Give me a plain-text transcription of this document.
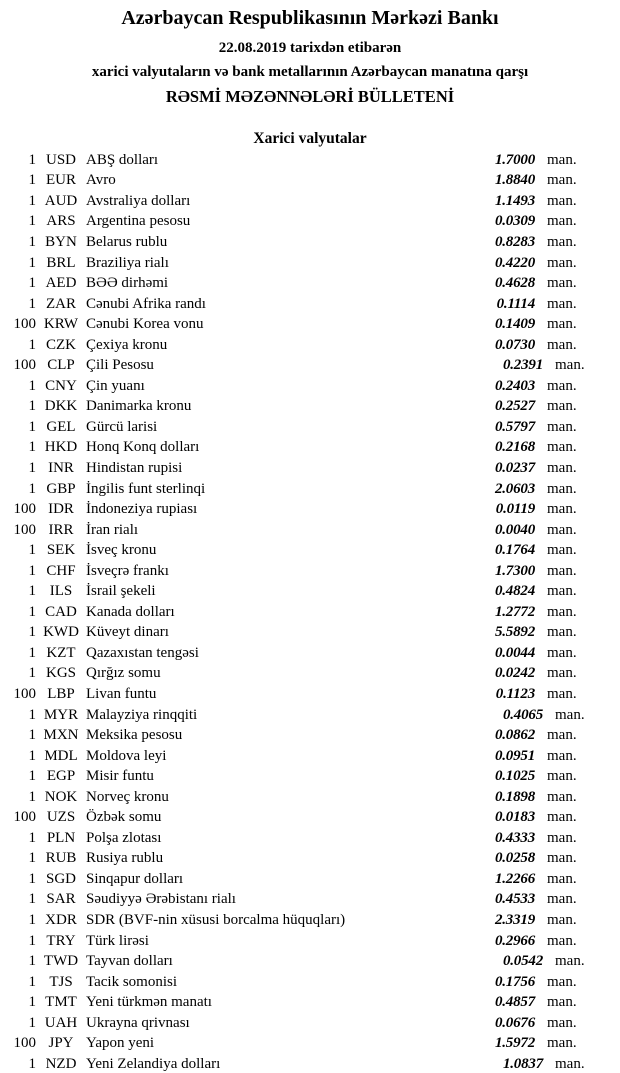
Azərbaycan Respublikasının Mərkəzi Bankı
22.08.2019 tarixdən etibarən
xarici valyutaların və bank metallarının Azərbaycan manatına qarşı
RƏSMİ MƏZƏNNƏLƏRİ BÜLLETENİ
Xarici valyutalar
1 USD ABŞ dolları	1.7000 man.
1 EUR Avro	1.8840 man.
1 AUD Avstraliya dolları	1.1493 man.
1 ARS Argentina pesosu	0.0309 man.
1 BYN Belarus rublu	0.8283 man.
1 BRL Braziliya rialı	0.4220 man.
1 AED BƏƏ dirhəmi	0.4628 man.
1 ZAR Cənubi Afrika randı	0.1114 man.
100 KRW Cənubi Korea vonu	0.1409 man.
1 CZK Çexiya kronu	0.0730 man.
100 CLP Çili Pesosu	0.2391 man.
1 CNY Çin yuanı	0.2403 man.
1 DKK Danimarka kronu	0.2527 man.
1 GEL Gürcü larisi	0.5797 man.
1 HKD Honq Konq dolları	0.2168 man.
1 INR Hindistan rupisi	0.0237 man.
1 GBP İngilis funt sterlinqi	2.0603 man.
100 IDR İndoneziya rupiası	0.0119 man.
100 IRR İran rialı	0.0040 man.
1 SEK İsveç kronu	0.1764 man.
1 CHF İsveçrə frankı	1.7300 man.
1 ILS İsrail şekeli	0.4824 man.
1 CAD Kanada dolları	1.2772 man.
1 KWD Küveyt dinarı	5.5892 man.
1 KZT Qazaxıstan tengəsi	0.0044 man.
1 KGS Qırğız somu	0.0242 man.
100 LBP Livan funtu	0.1123 man.
1 MYR Malayziya rinqqiti	0.4065 man.
1 MXN Meksika pesosu	0.0862 man.
1 MDL Moldova leyi	0.0951 man.
1 EGP Misir funtu	0.1025 man.
1 NOK Norveç kronu	0.1898 man.
100 UZS Özbək somu	0.0183 man.
1 PLN Polşa zlotası	0.4333 man.
1 RUB Rusiya rublu	0.0258 man.
1 SGD Sinqapur dolları	1.2266 man.
1 SAR Səudiyyə Ərəbistanı rialı	0.4533 man.
1 XDR SDR (BVF-nin xüsusi borcalma hüquqları)	2.3319 man.
1 TRY Türk lirəsi	0.2966 man.
1 TWD Tayvan dolları	0.0542 man.
1 TJS Tacik somonisi	0.1756 man.
1 TMT Yeni türkmən manatı	0.4857 man.
1 UAH Ukrayna qrivnası	0.0676 man.
100 JPY Yapon yeni	1.5972 man.
1 NZD Yeni Zelandiya dolları	1.0837 man.
